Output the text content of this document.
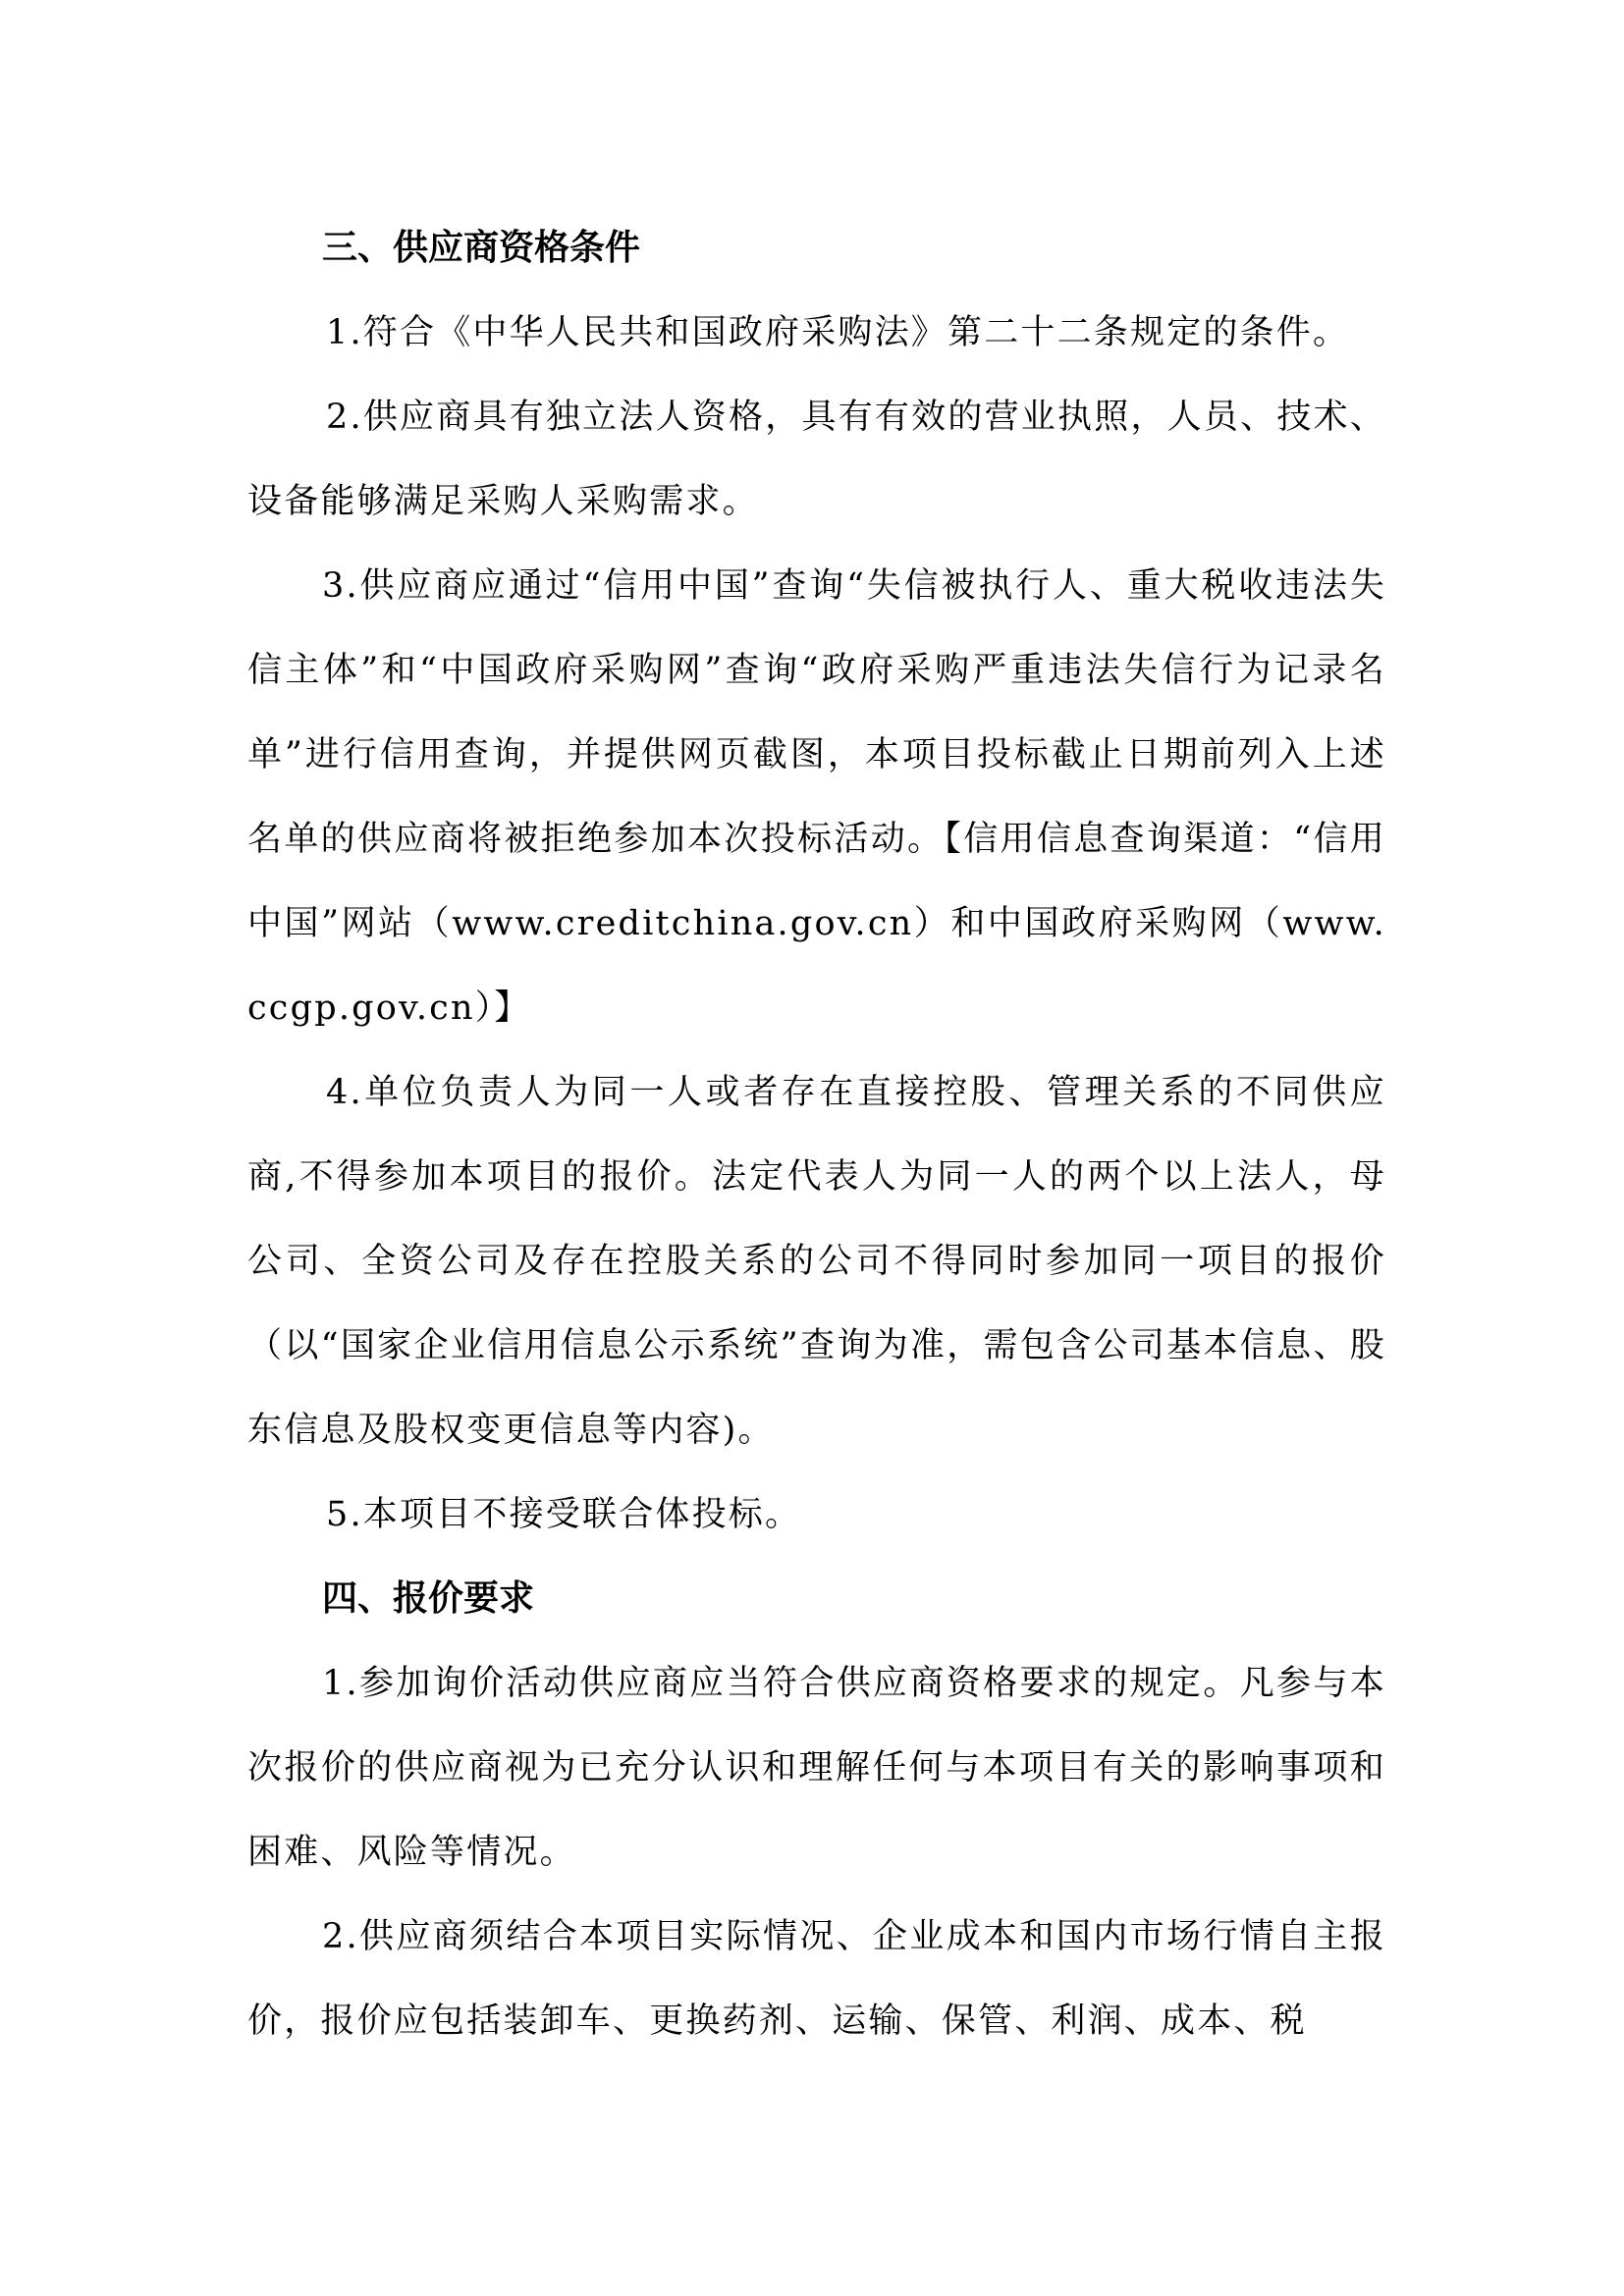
三、供应商资格条件

1.符合《中华人民共和国政府采购法》第二十二条规定的条件。

2.供应商具有独立法人资格，具有有效的营业执照，人员、技术、设备能够满足采购人采购需求。

3.供应商应通过“信用中国”查询“失信被执行人、重大税收违法失信主体”和“中国政府采购网”查询“政府采购严重违法失信行为记录名单”进行信用查询，并提供网页截图，本项目投标截止日期前列入上述名单的供应商将被拒绝参加本次投标活动。【信用信息查询渠道：“信用中国”网站（www.creditchina.gov.cn）和中国政府采购网（www.ccgp.gov.cn）】

4.单位负责人为同一人或者存在直接控股、管理关系的不同供应商,不得参加本项目的报价。法定代表人为同一人的两个以上法人，母公司、全资公司及存在控股关系的公司不得同时参加同一项目的报价（以“国家企业信用信息公示系统”查询为准，需包含公司基本信息、股东信息及股权变更信息等内容)。

5.本项目不接受联合体投标。

四、报价要求

1.参加询价活动供应商应当符合供应商资格要求的规定。凡参与本次报价的供应商视为已充分认识和理解任何与本项目有关的影响事项和困难、风险等情况。

2.供应商须结合本项目实际情况、企业成本和国内市场行情自主报价，报价应包括装卸车、更换药剂、运输、保管、利润、成本、税
